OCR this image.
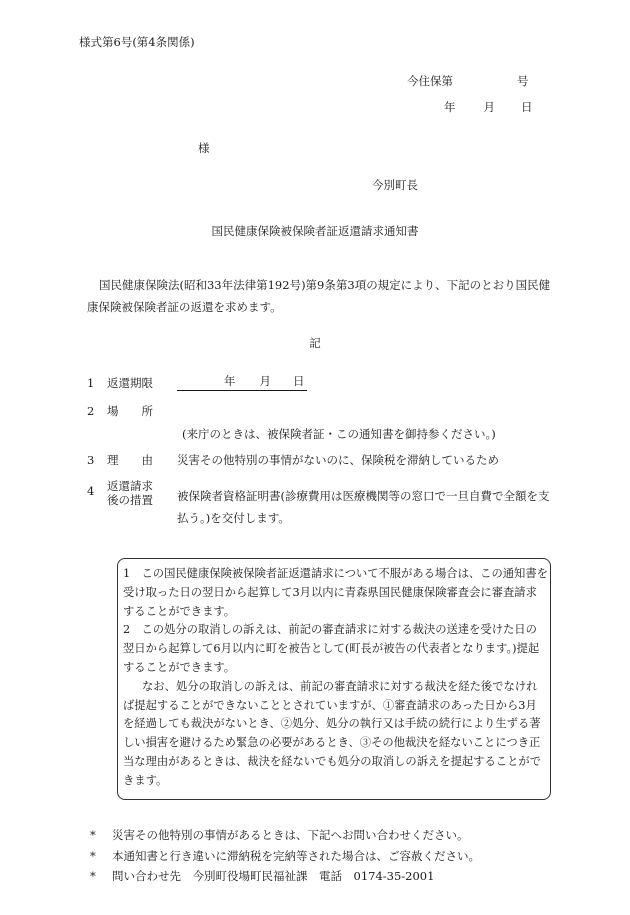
様式第6号(第4条関係)
今住保第	号
年 月 日
様
今別町長
国民健康保険被保険者証返還請求通知書
国民健康保険法(昭和33年法律第192号)第9条第3項の規定により、下記のとおり国民健康保険被保険者証の返還を求めます。
記
1 返還期限	年 月 日
2 場 所
(来庁のときは、被保険者証・この通知書を御持参ください。)
3 理 由 災害その他特別の事情がないのに、保険税を滞納しているため
4 返還請求
後の措置 被保険者資格証明書(診療費用は医療機関等の窓口で一旦自費で全額を支払う。)を交付します。

1　この国民健康保険被保険者証返還請求について不服がある場合は、この通知書を受け取った日の翌日から起算して3月以内に青森県国民健康保険審査会に審査請求することができます。

2　この処分の取消しの訴えは、前記の審査請求に対する裁決の送達を受けた日の翌日から起算して6月以内に町を被告として(町長が被告の代表者となります。)提起することができます。

なお、処分の取消しの訴えは、前記の審査請求に対する裁決を経た後でなければ提起することができないこととされていますが、①審査請求のあった日から3月を経過しても裁決がないとき、②処分、処分の執行又は手続の続行により生ずる著しい損害を避けるため緊急の必要があるとき、③その他裁決を経ないことにつき正当な理由があるときは、裁決を経ないでも処分の取消しの訴えを提起することができます。

* 災害その他特別の事情があるときは、下記へお問い合わせください。
* 本通知書と行き違いに滞納税を完納等された場合は、ご容赦ください。
* 問い合わせ先　今別町役場町民福祉課　電話　0174-35-2001
